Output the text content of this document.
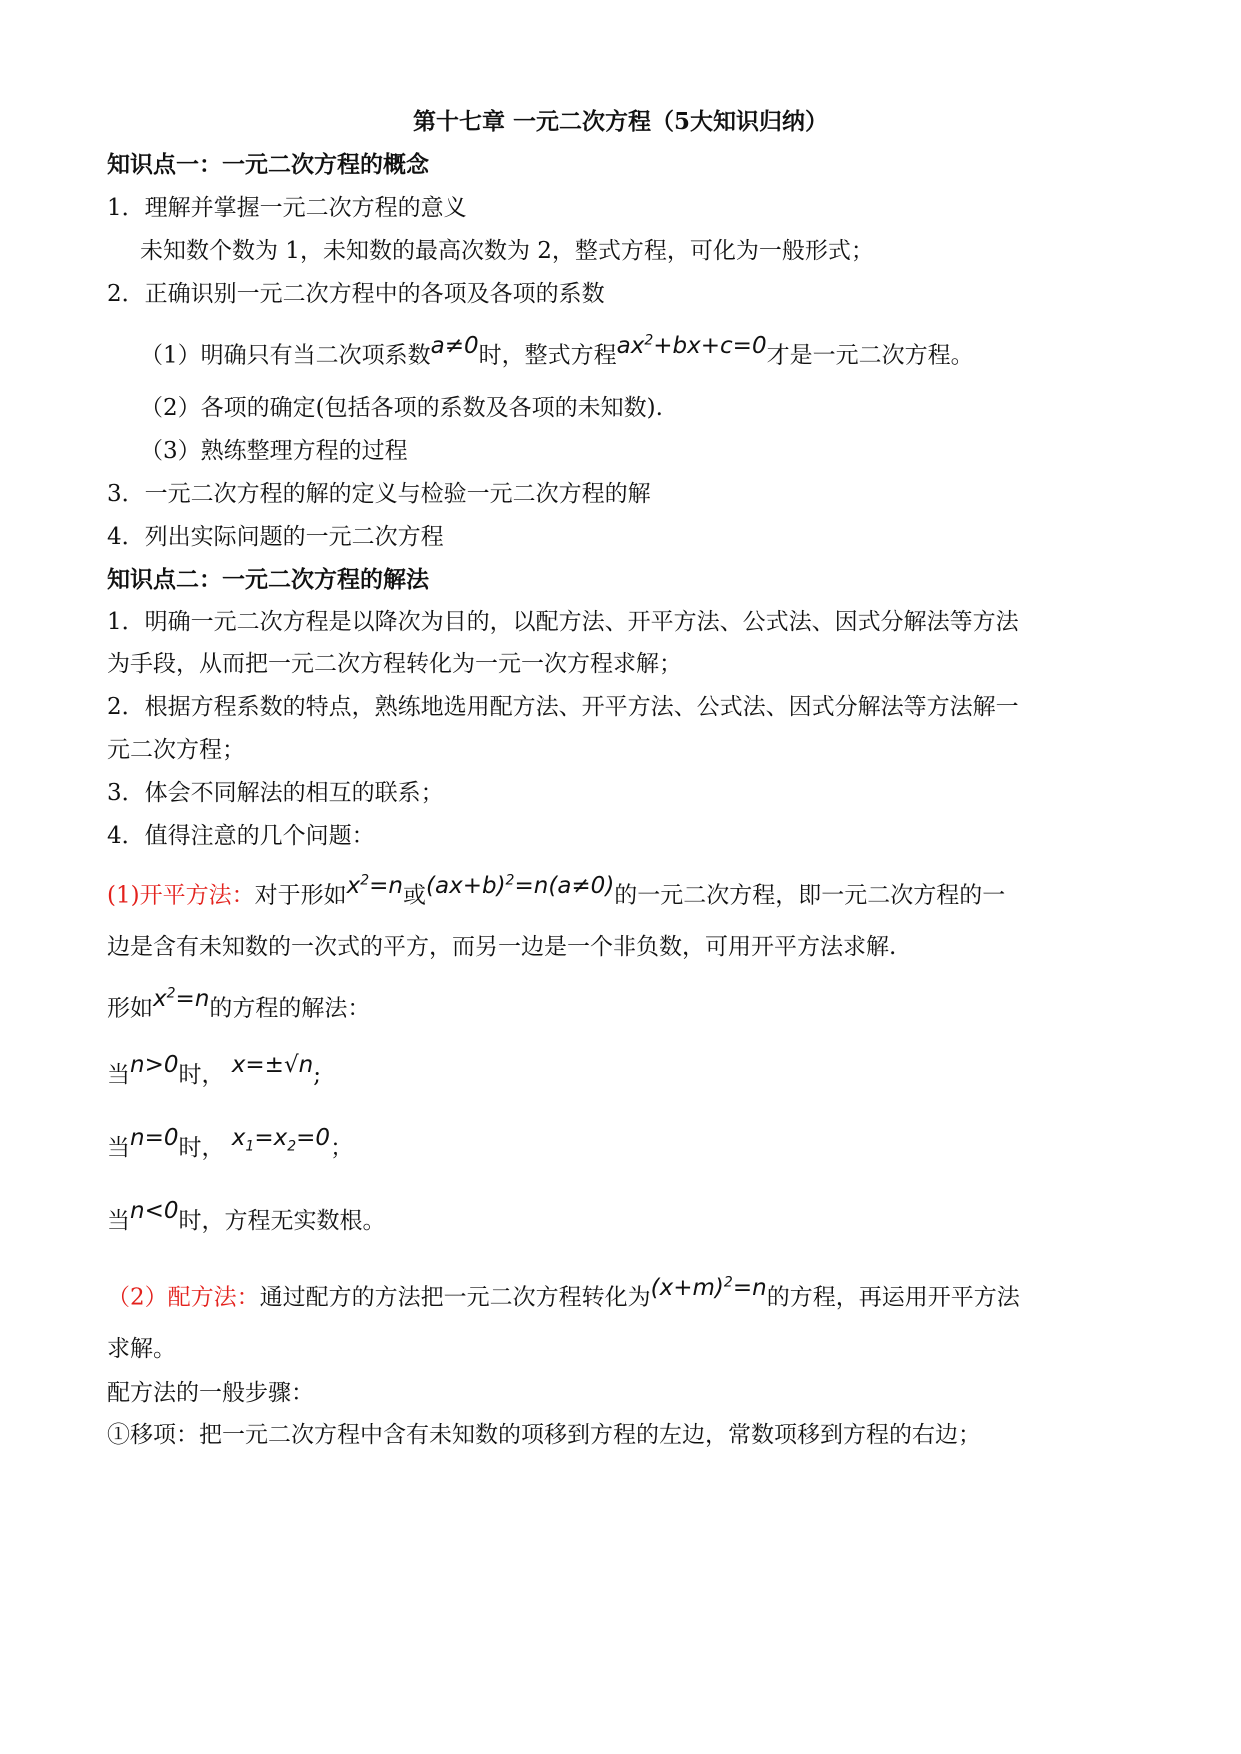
第十七章 一元二次方程（5大知识归纳）
知识点一：一元二次方程的概念
1．理解并掌握一元二次方程的意义
未知数个数为 1，未知数的最高次数为 2，整式方程，可化为一般形式；
2．正确识别一元二次方程中的各项及各项的系数
（1）明确只有当二次项系数a≠0时，整式方程$ax^2+bx+c=0$才是一元二次方程。
（2）各项的确定(包括各项的系数及各项的未知数).
（3）熟练整理方程的过程
3．一元二次方程的解的定义与检验一元二次方程的解
4．列出实际问题的一元二次方程
知识点二：一元二次方程的解法
1．明确一元二次方程是以降次为目的，以配方法、开平方法、公式法、因式分解法等方法
为手段，从而把一元二次方程转化为一元一次方程求解；
2．根据方程系数的特点，熟练地选用配方法、开平方法、公式法、因式分解法等方法解一
元二次方程；
3．体会不同解法的相互的联系；
4．值得注意的几个问题：
(1)开平方法：对于形如$x^2=n$或$(ax+b)^2=n(a\ne 0)$的一元二次方程，即一元二次方程的一
边是含有未知数的一次式的平方，而另一边是一个非负数，可用开平方法求解.
形如$x^2=n$的方程的解法：
当n>0时， x=±√n;
当n=0时， $x_1=x_2=0$；
当n<0时，方程无实数根。
（2）配方法：通过配方的方法把一元二次方程转化为$(x+m)^2=n$的方程，再运用开平方法
求解。
配方法的一般步骤：
①移项：把一元二次方程中含有未知数的项移到方程的左边，常数项移到方程的右边；
